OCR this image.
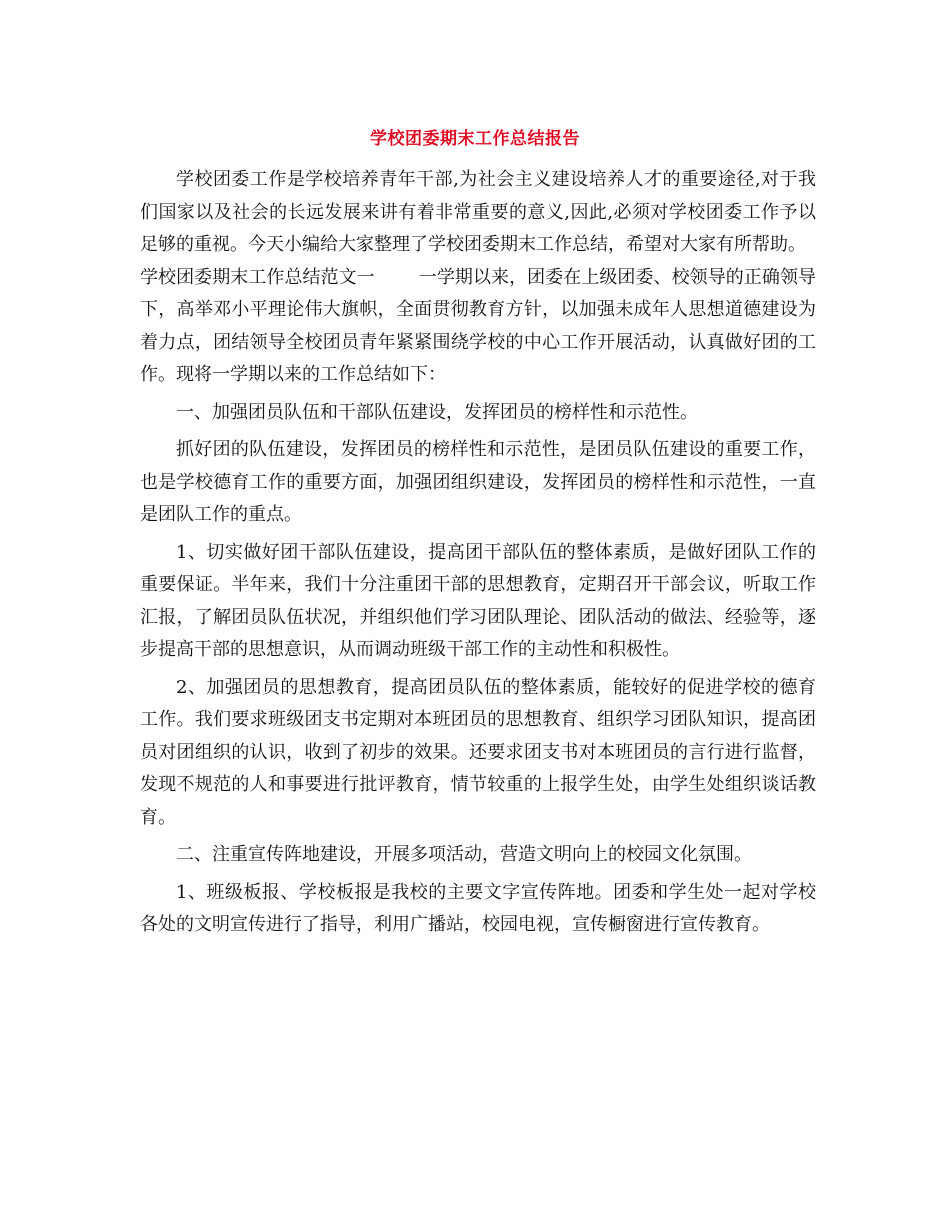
学校团委期末工作总结报告

学校团委工作是学校培养青年干部,为社会主义建设培养人才的重要途径,对于我们国家以及社会的长远发展来讲有着非常重要的意义,因此,必须对学校团委工作予以足够的重视。今天小编给大家整理了学校团委期末工作总结，希望对大家有所帮助。

学校团委期末工作总结范文一 一学期以来，团委在上级团委、校领导的正确领导下，高举邓小平理论伟大旗帜，全面贯彻教育方针，以加强未成年人思想道德建设为着力点，团结领导全校团员青年紧紧围绕学校的中心工作开展活动，认真做好团的工作。现将一学期以来的工作总结如下：

一、加强团员队伍和干部队伍建设，发挥团员的榜样性和示范性。

抓好团的队伍建设，发挥团员的榜样性和示范性，是团员队伍建设的重要工作，也是学校德育工作的重要方面，加强团组织建设，发挥团员的榜样性和示范性，一直是团队工作的重点。

1、切实做好团干部队伍建设，提高团干部队伍的整体素质，是做好团队工作的重要保证。半年来，我们十分注重团干部的思想教育，定期召开干部会议，听取工作汇报，了解团员队伍状况，并组织他们学习团队理论、团队活动的做法、经验等，逐步提高干部的思想意识，从而调动班级干部工作的主动性和积极性。

2、加强团员的思想教育，提高团员队伍的整体素质，能较好的促进学校的德育工作。我们要求班级团支书定期对本班团员的思想教育、组织学习团队知识，提高团员对团组织的认识，收到了初步的效果。还要求团支书对本班团员的言行进行监督，发现不规范的人和事要进行批评教育，情节较重的上报学生处，由学生处组织谈话教育。

二、注重宣传阵地建设，开展多项活动，营造文明向上的校园文化氛围。

1、班级板报、学校板报是我校的主要文字宣传阵地。团委和学生处一起对学校各处的文明宣传进行了指导，利用广播站，校园电视，宣传橱窗进行宣传教育。
